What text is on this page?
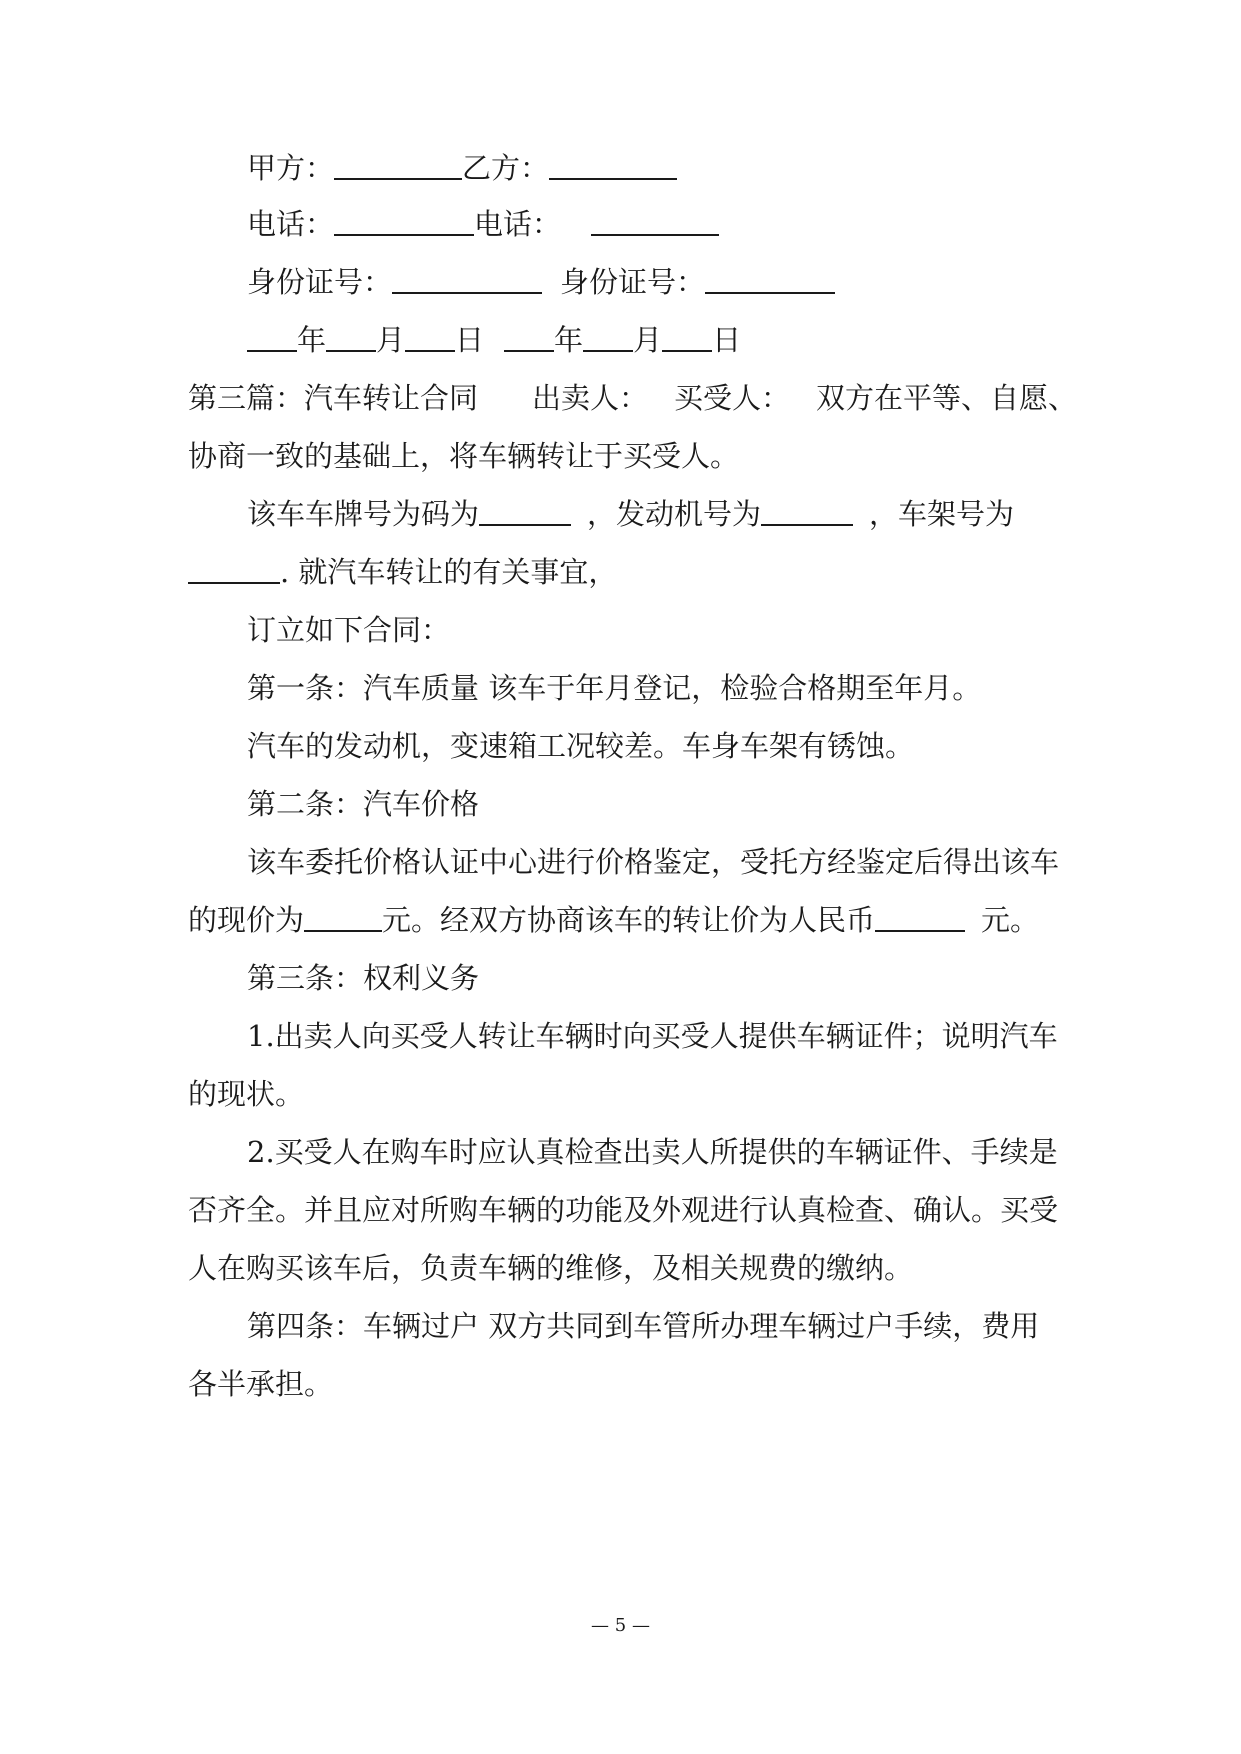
甲方：	乙方：
电话：	电话：
身份证号：	身份证号：
年 月 日 年 月 日
第三篇：汽车转让合同 出卖人： 买受人： 双方在平等、自愿、
协商一致的基础上，将车辆转让于买受人。
该车车牌号为码为	，发动机号为	，车架号为
. 就汽车转让的有关事宜，
订立如下合同：
第一条：汽车质量 该车于年月登记，检验合格期至年月。
汽车的发动机，变速箱工况较差。车身车架有锈蚀。
第二条：汽车价格
该车委托价格认证中心进行价格鉴定，受托方经鉴定后得出该车
的现价为	元。经双方协商该车的转让价为人民币	元。
第三条：权利义务
1.出卖人向买受人转让车辆时向买受人提供车辆证件；说明汽车
的现状。
2.买受人在购车时应认真检查出卖人所提供的车辆证件、手续是
否齐全。并且应对所购车辆的功能及外观进行认真检查、确认。买受
人在购买该车后，负责车辆的维修，及相关规费的缴纳。
第四条：车辆过户 双方共同到车管所办理车辆过户手续，费用
各半承担。
— 5 —
